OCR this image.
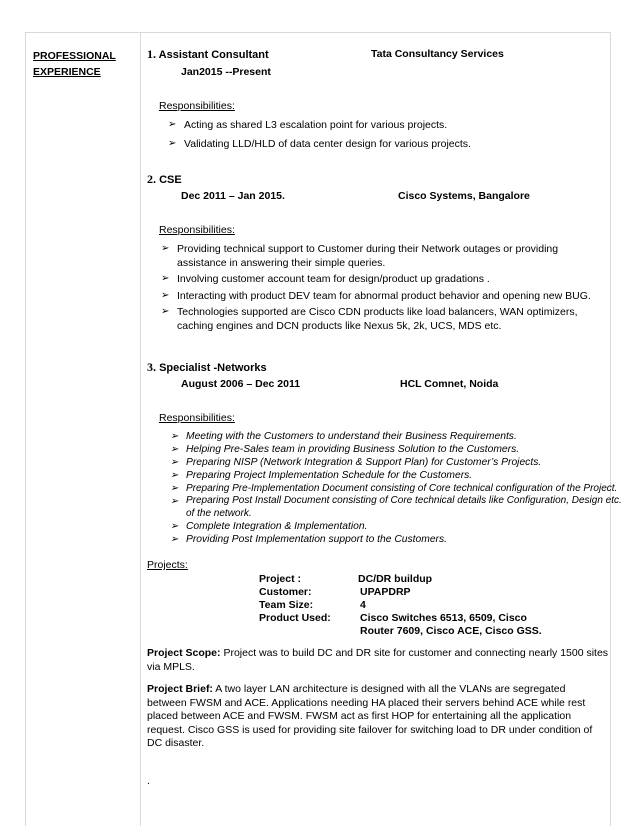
PROFESSIONAL
EXPERIENCE
1. Assistant Consultant	Tata Consultancy Services
Jan2015 --Present
Responsibilities:
➢ Acting as shared L3 escalation point for various projects.
➢ Validating LLD/HLD of data center design for various projects.
2. CSE
Dec 2011 – Jan 2015.	Cisco Systems, Bangalore
Responsibilities:
➢ Providing technical support to Customer during their Network outages or providing assistance in answering their simple queries.
➢ Involving customer account team for design/product up gradations .
➢ Interacting with product DEV team for abnormal product behavior and opening new BUG.
➢ Technologies supported are Cisco CDN products like load balancers, WAN optimizers, caching engines and DCN products like Nexus 5k, 2k, UCS, MDS etc.
3. Specialist -Networks
August 2006 – Dec 2011	HCL Comnet, Noida
Responsibilities:
➢ Meeting with the Customers to understand their Business Requirements.
➢ Helping Pre-Sales team in providing Business Solution to the Customers.
➢ Preparing NISP (Network Integration & Support Plan) for Customer’s Projects.
➢ Preparing Project Implementation Schedule for the Customers.
➢ Preparing Pre-Implementation Document consisting of Core technical configuration of the Project.
➢ Preparing Post Install Document consisting of Core technical details like Configuration, Design etc. of the network.
➢ Complete Integration & Implementation.
➢ Providing Post Implementation support to the Customers.
Projects:
Project :	DC/DR buildup
Customer:	UPAPDRP
Team Size:	4
Product Used:	Cisco Switches 6513, 6509, Cisco
Router 7609, Cisco ACE, Cisco GSS.
Project Scope: Project was to build DC and DR site for customer and connecting nearly 1500 sites via MPLS.
Project Brief: A two layer LAN architecture is designed with all the VLANs are segregated between FWSM and ACE. Applications needing HA placed their servers behind ACE while rest placed between ACE and FWSM. FWSM act as first HOP for entertaining all the application request. Cisco GSS is used for providing site failover for switching load to DR under condition of DC disaster.
.
